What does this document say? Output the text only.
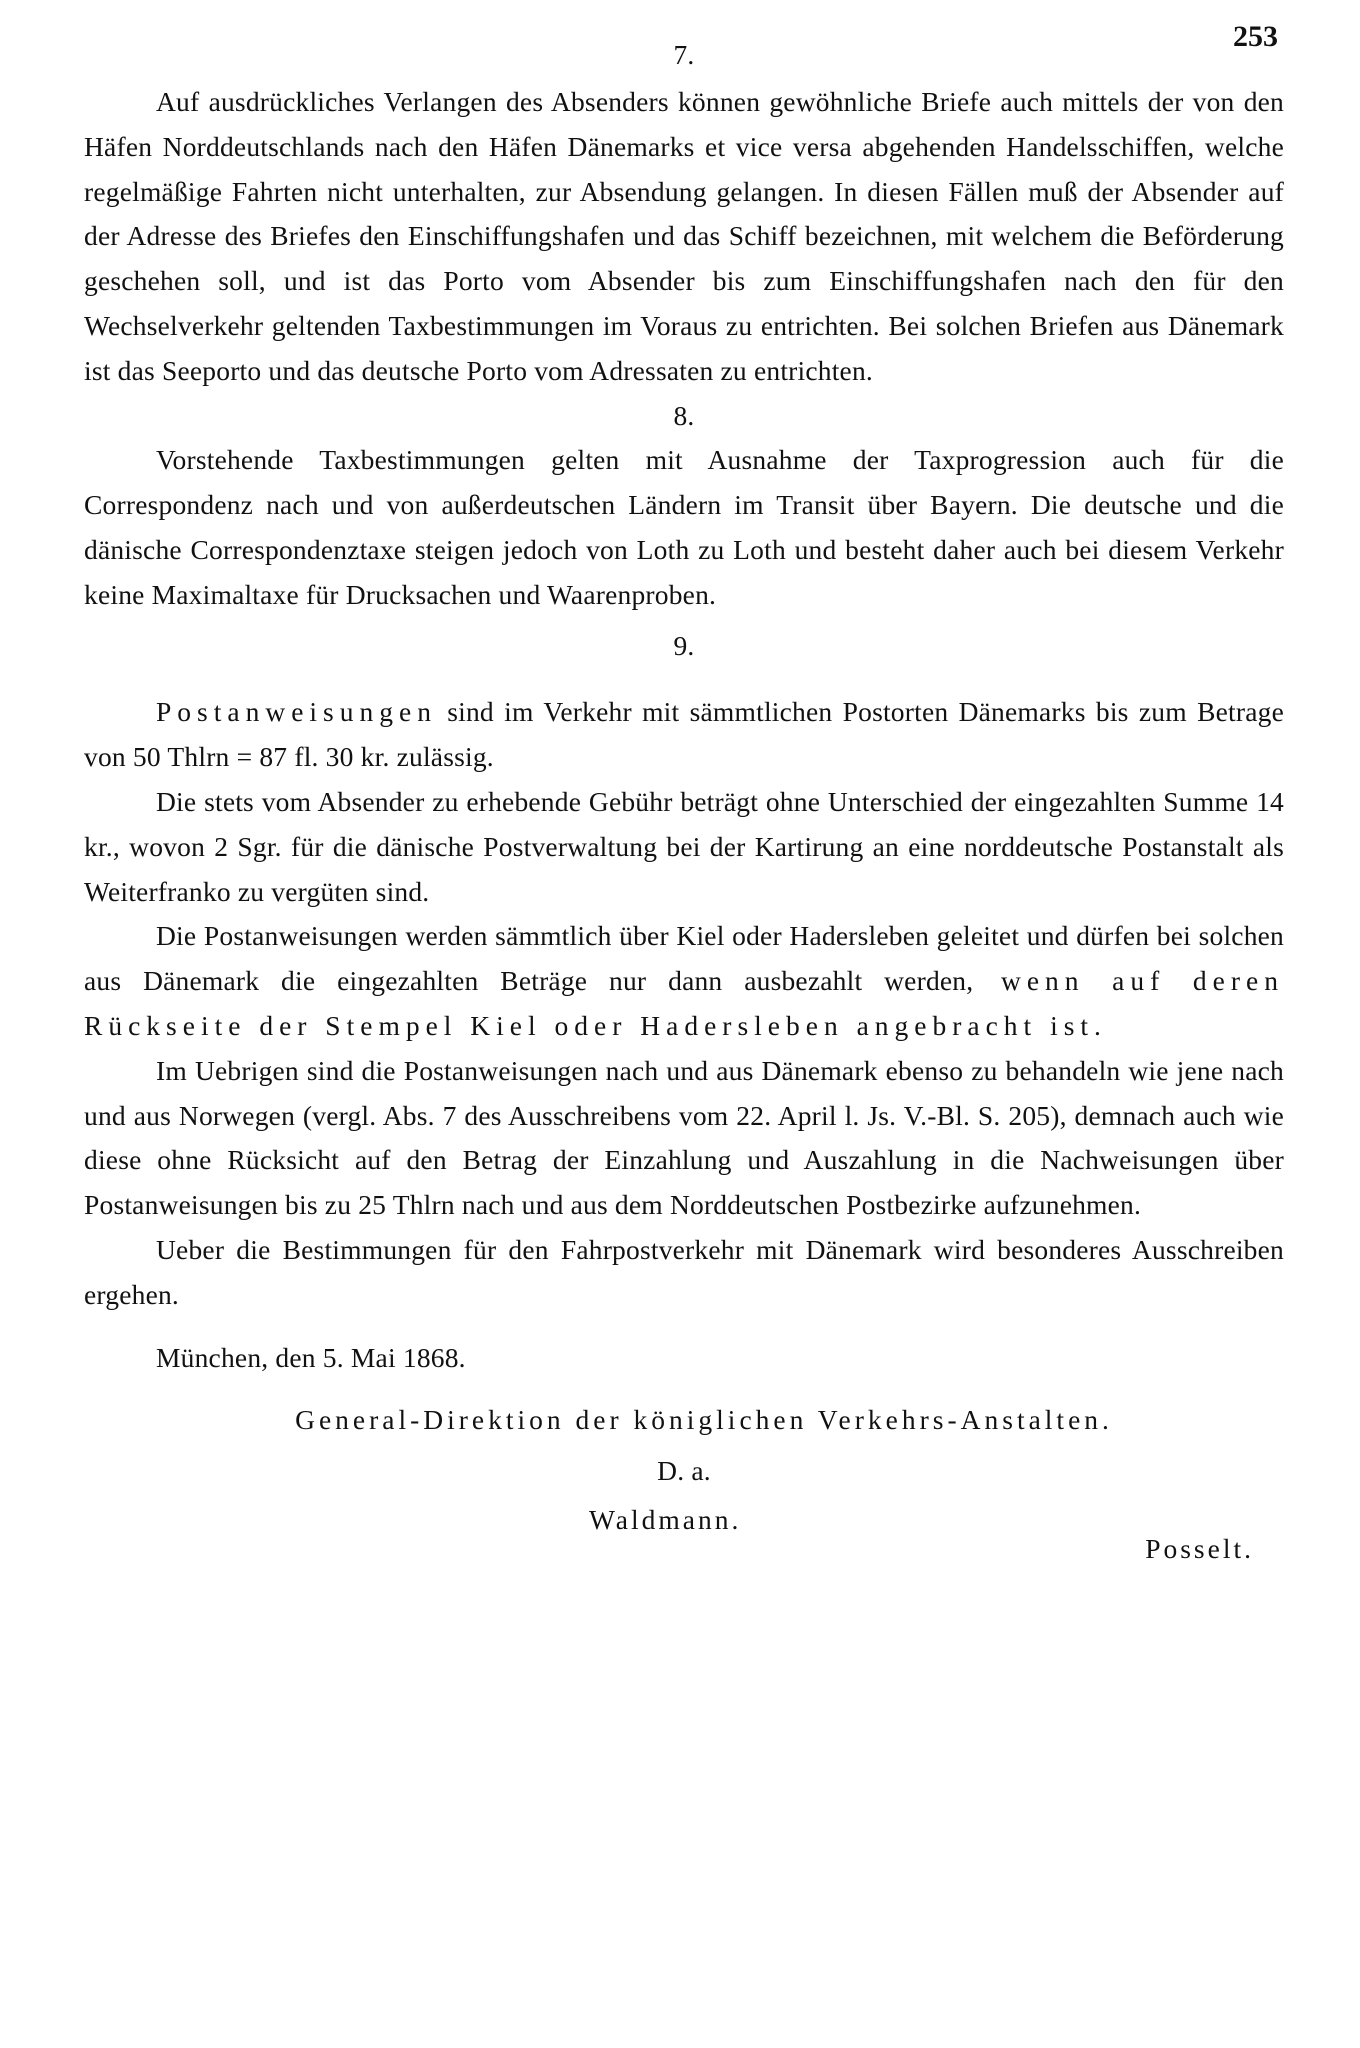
253
7.

Auf ausdrückliches Verlangen des Absenders können gewöhnliche Briefe auch mittels der von den Häfen Norddeutschlands nach den Häfen Dänemarks et vice versa abgehenden Handelsschiffen, welche regelmäßige Fahrten nicht unterhalten, zur Absendung gelangen. In diesen Fällen muß der Absender auf der Adresse des Briefes den Einschiffungshafen und das Schiff bezeichnen, mit welchem die Beförderung geschehen soll, und ist das Porto vom Absender bis zum Einschiffungshafen nach den für den Wechselverkehr geltenden Taxbestimmungen im Voraus zu entrichten. Bei solchen Briefen aus Dänemark ist das Seeporto und das deutsche Porto vom Adressaten zu entrichten.

8.

Vorstehende Taxbestimmungen gelten mit Ausnahme der Taxprogression auch für die Correspondenz nach und von außerdeutschen Ländern im Transit über Bayern. Die deutsche und die dänische Correspondenztaxe steigen jedoch von Loth zu Loth und besteht daher auch bei diesem Verkehr keine Maximaltaxe für Drucksachen und Waarenproben.

9.

Postanweisungen sind im Verkehr mit sämmtlichen Postorten Dänemarks bis zum Betrage von 50 Thlrn = 87 fl. 30 kr. zulässig.

Die stets vom Absender zu erhebende Gebühr beträgt ohne Unterschied der eingezahlten Summe 14 kr., wovon 2 Sgr. für die dänische Postverwaltung bei der Kartirung an eine norddeutsche Postanstalt als Weiterfranko zu vergüten sind.

Die Postanweisungen werden sämmtlich über Kiel oder Hadersleben geleitet und dürfen bei solchen aus Dänemark die eingezahlten Beträge nur dann ausbezahlt werden, wenn auf deren Rückseite der Stempel Kiel oder Hadersleben angebracht ist.

Im Uebrigen sind die Postanweisungen nach und aus Dänemark ebenso zu behandeln wie jene nach und aus Norwegen (vergl. Abs. 7 des Ausschreibens vom 22. April l. Js. V.-Bl. S. 205), demnach auch wie diese ohne Rücksicht auf den Betrag der Einzahlung und Auszahlung in die Nachweisungen über Postanweisungen bis zu 25 Thlrn nach und aus dem Norddeutschen Postbezirke aufzunehmen.

Ueber die Bestimmungen für den Fahrpostverkehr mit Dänemark wird besonderes Ausschreiben ergehen.

München, den 5. Mai 1868.

General-Direktion der königlichen Verkehrs-Anstalten.
D. a.
Waldmann.
Posselt.
